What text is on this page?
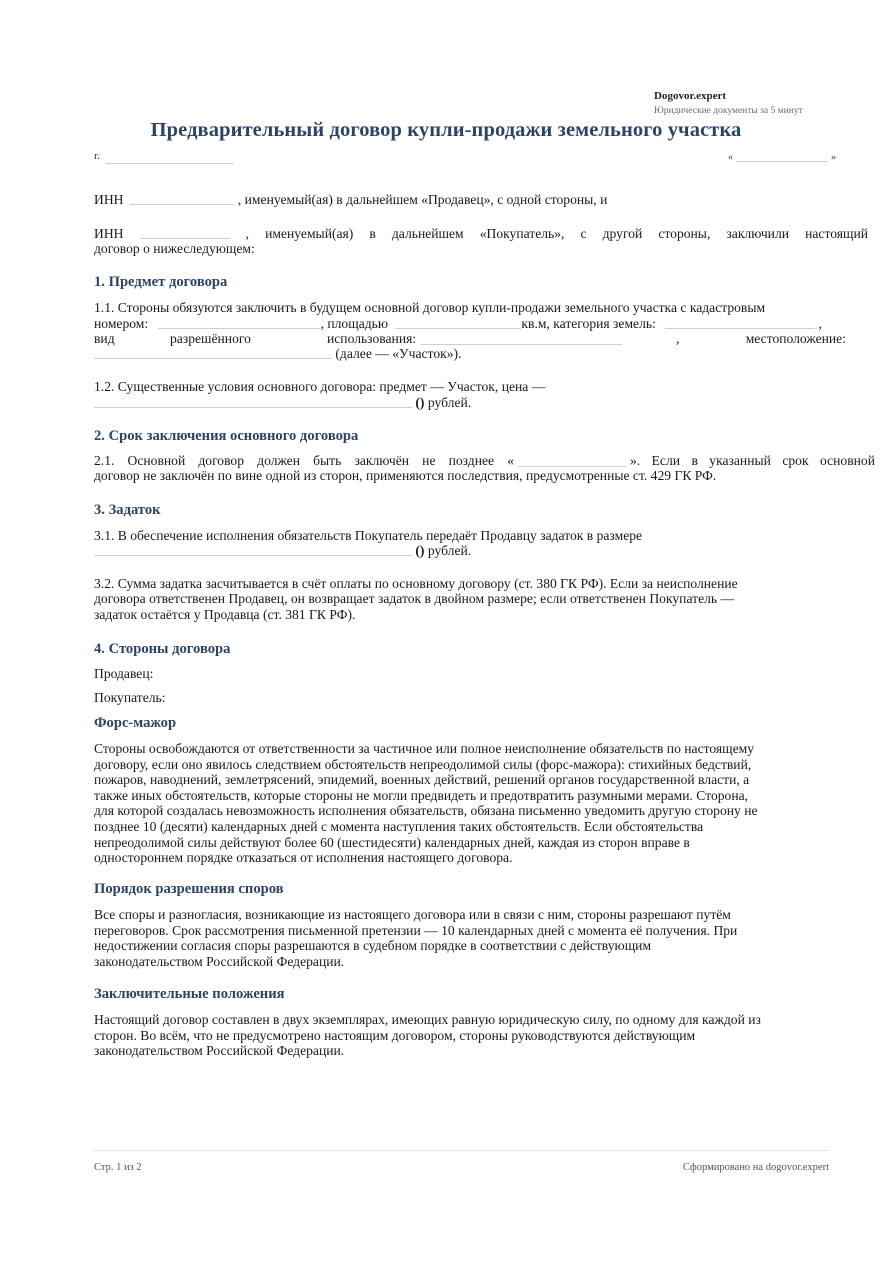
Dogovor.expert
Юридические документы за 5 минут
Предварительный договор купли-продажи земельного участка
г.	«	»
ИНН	, именуемый(ая) в дальнейшем «Продавец», с одной стороны, и
ИНН	, именуемый(ая) в дальнейшем «Покупатель», с другой стороны, заключили настоящий
договор о нижеследующем:
1. Предмет договора
1.1. Стороны обязуются заключить в будущем основной договор купли-продажи земельного участка с кадастровым
номером:	, площадью	кв.м, категория земель:	,
вид	разрешённого	использования:	,	местоположение:
(далее — «Участок»).
1.2. Существенные условия основного договора: предмет — Участок, цена —
() рублей.
2. Срок заключения основного договора
2.1. Основной договор должен быть заключён не позднее «	». Если в указанный срок основной
договор не заключён по вине одной из сторон, применяются последствия, предусмотренные ст. 429 ГК РФ.
3. Задаток
3.1. В обеспечение исполнения обязательств Покупатель передаёт Продавцу задаток в размере
() рублей.
3.2. Сумма задатка засчитывается в счёт оплаты по основному договору (ст. 380 ГК РФ). Если за неисполнение
договора ответственен Продавец, он возвращает задаток в двойном размере; если ответственен Покупатель —
задаток остаётся у Продавца (ст. 381 ГК РФ).
4. Стороны договора
Продавец:
Покупатель:
Форс-мажор
Стороны освобождаются от ответственности за частичное или полное неисполнение обязательств по настоящему
договору, если оно явилось следствием обстоятельств непреодолимой силы (форс-мажора): стихийных бедствий,
пожаров, наводнений, землетрясений, эпидемий, военных действий, решений органов государственной власти, а
также иных обстоятельств, которые стороны не могли предвидеть и предотвратить разумными мерами. Сторона,
для которой создалась невозможность исполнения обязательств, обязана письменно уведомить другую сторону не
позднее 10 (десяти) календарных дней с момента наступления таких обстоятельств. Если обстоятельства
непреодолимой силы действуют более 60 (шестидесяти) календарных дней, каждая из сторон вправе в
одностороннем порядке отказаться от исполнения настоящего договора.
Порядок разрешения споров
Все споры и разногласия, возникающие из настоящего договора или в связи с ним, стороны разрешают путём
переговоров. Срок рассмотрения письменной претензии — 10 календарных дней с момента её получения. При
недостижении согласия споры разрешаются в судебном порядке в соответствии с действующим
законодательством Российской Федерации.
Заключительные положения
Настоящий договор составлен в двух экземплярах, имеющих равную юридическую силу, по одному для каждой из
сторон. Во всём, что не предусмотрено настоящим договором, стороны руководствуются действующим
законодательством Российской Федерации.
Стр. 1 из 2	Сформировано на dogovor.expert
